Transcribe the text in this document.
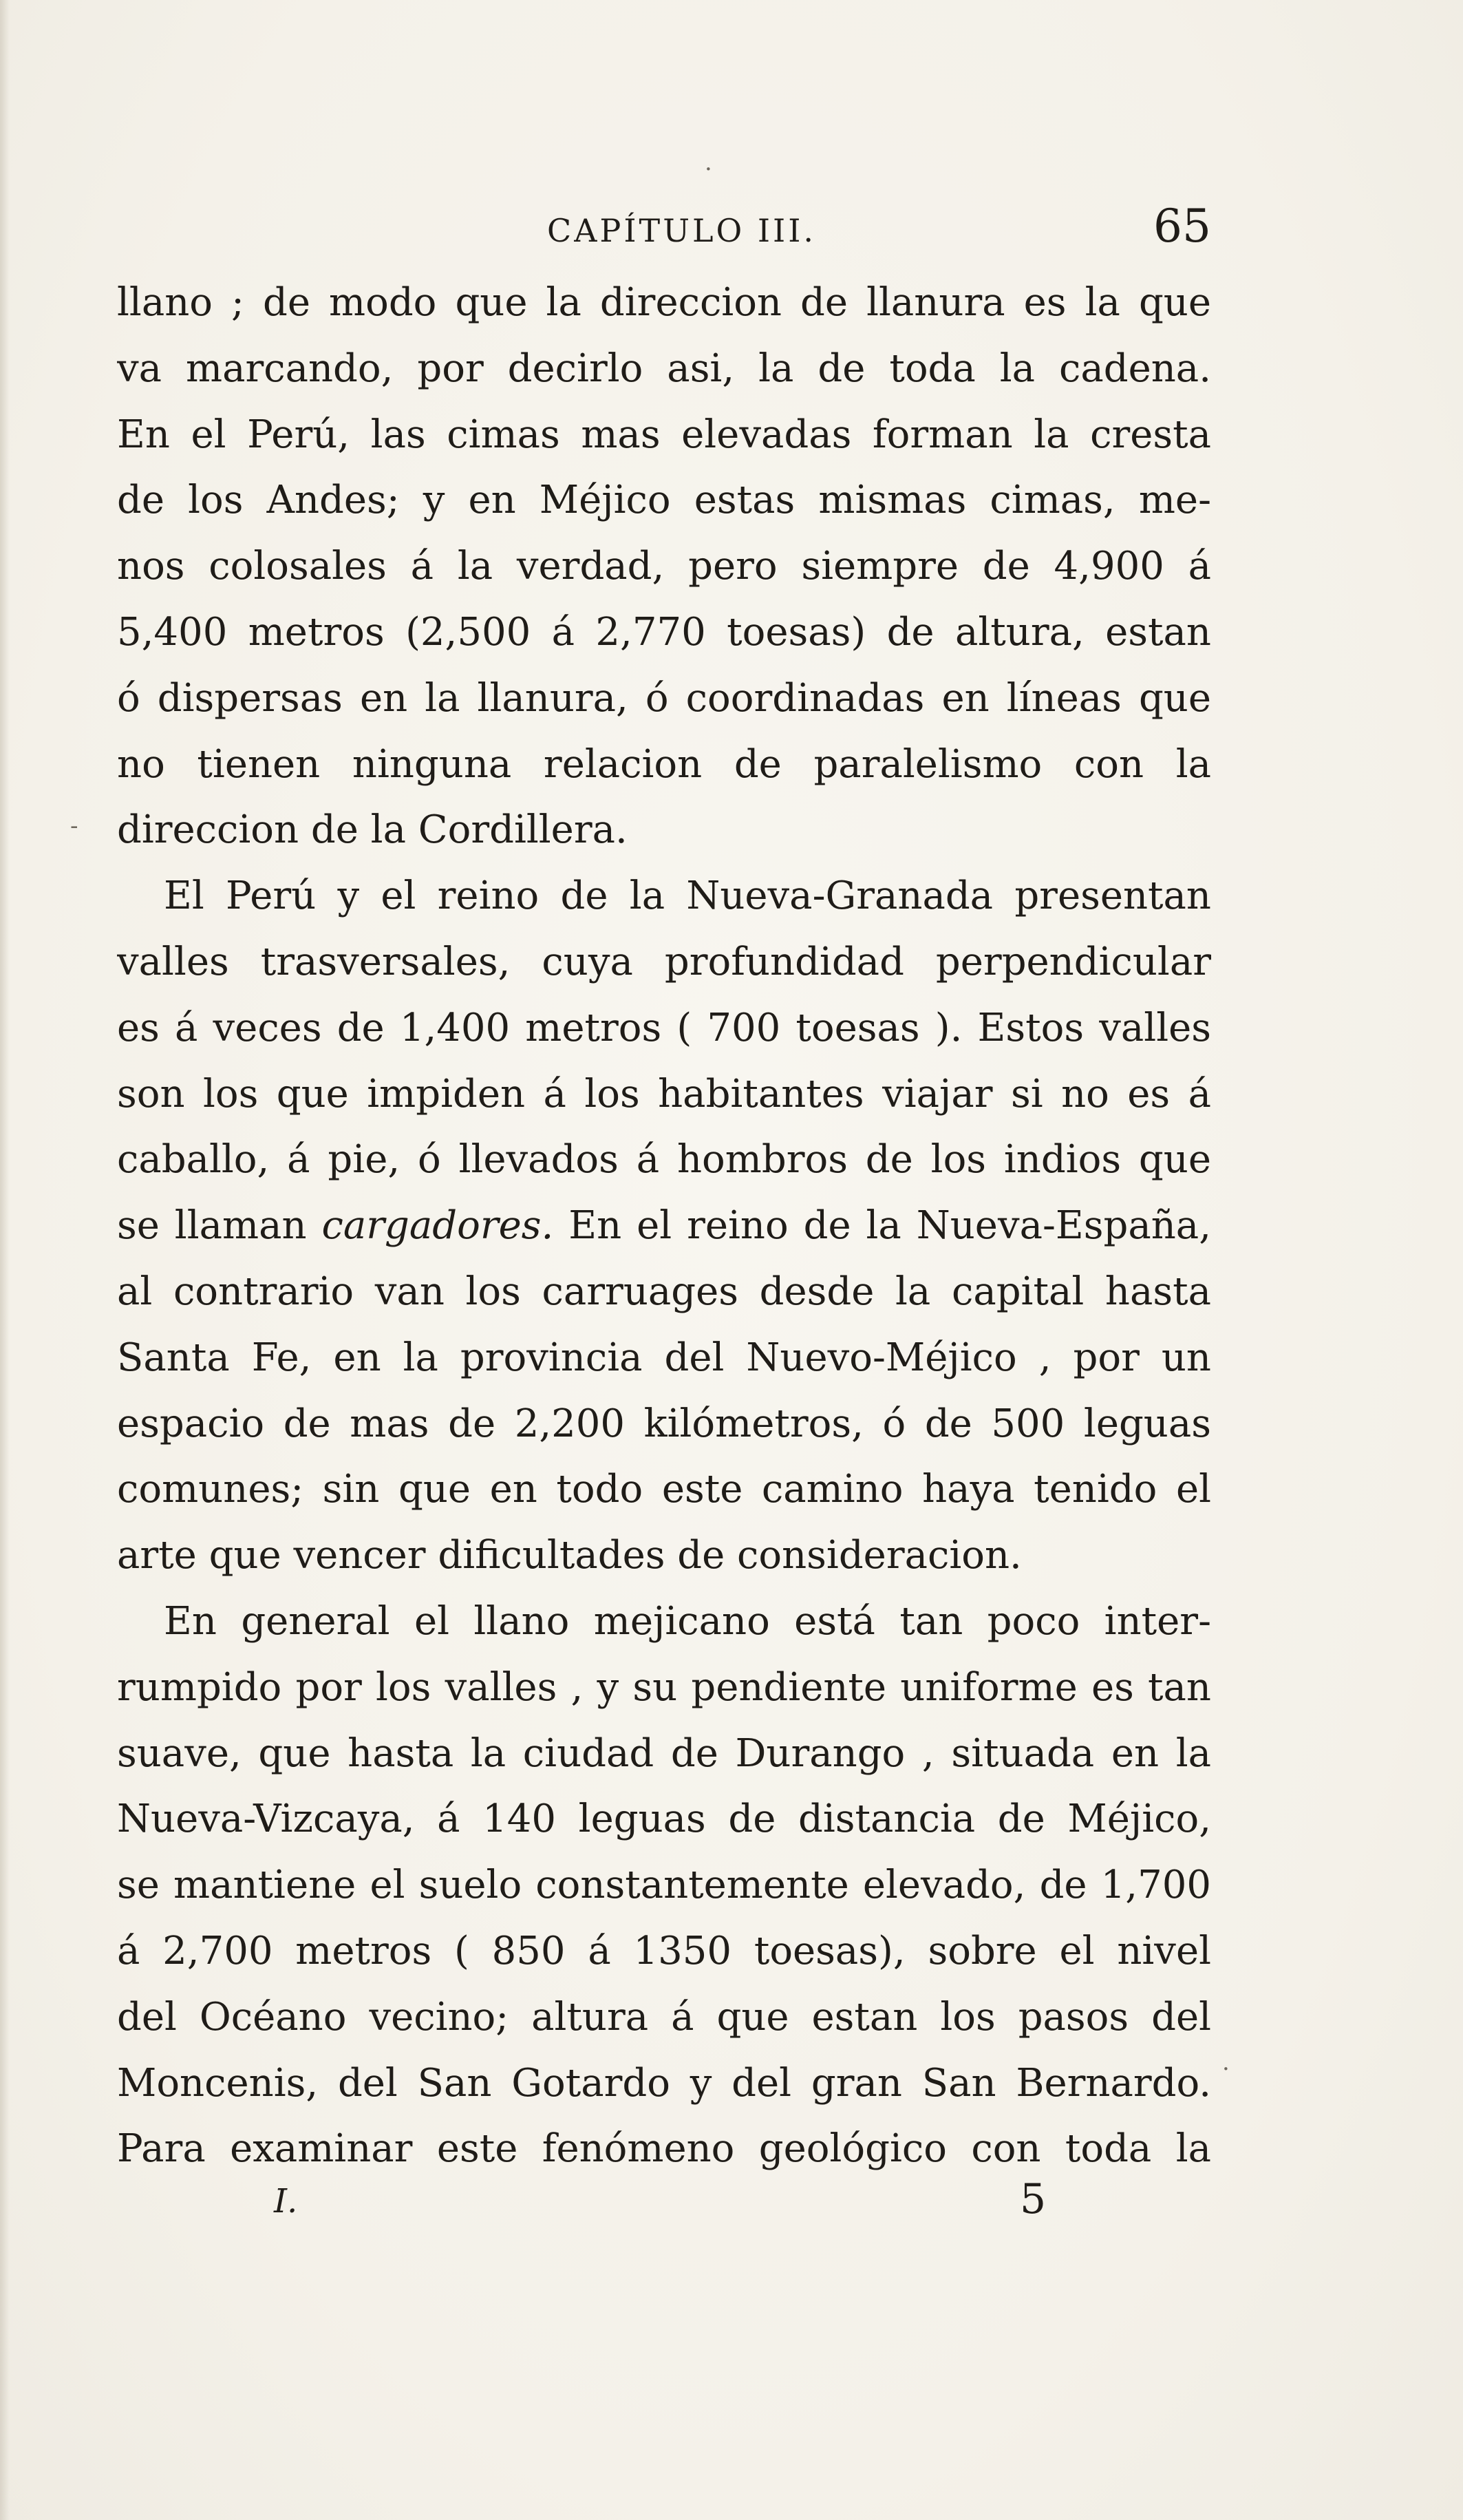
·
-
·
CAPÍTULO III.	65
llano ; de modo que la direccion de llanura es la que
va marcando, por decirlo asi, la de toda la cadena.
En el Perú, las cimas mas elevadas forman la cresta
de los Andes; y en Méjico estas mismas cimas, me-
nos colosales á la verdad, pero siempre de 4,900 á
5,400 metros (2,500 á 2,770 toesas) de altura, estan
ó dispersas en la llanura, ó coordinadas en líneas que
no tienen ninguna relacion de paralelismo con la
direccion de la Cordillera.
El Perú y el reino de la Nueva-Granada presentan
valles trasversales, cuya profundidad perpendicular
es á veces de 1,400 metros ( 700 toesas ). Estos valles
son los que impiden á los habitantes viajar si no es á
caballo, á pie, ó llevados á hombros de los indios que
se llaman cargadores. En el reino de la Nueva-España,
al contrario van los carruages desde la capital hasta
Santa Fe, en la provincia del Nuevo-Méjico , por un
espacio de mas de 2,200 kilómetros, ó de 500 leguas
comunes; sin que en todo este camino haya tenido el
arte que vencer dificultades de consideracion.
En general el llano mejicano está tan poco inter-
rumpido por los valles , y su pendiente uniforme es tan
suave, que hasta la ciudad de Durango , situada en la
Nueva-Vizcaya, á 140 leguas de distancia de Méjico,
se mantiene el suelo constantemente elevado, de 1,700
á 2,700 metros ( 850 á 1350 toesas), sobre el nivel
del Océano vecino; altura á que estan los pasos del
Moncenis, del San Gotardo y del gran San Bernardo.
Para examinar este fenómeno geológico con toda la
I.	5
